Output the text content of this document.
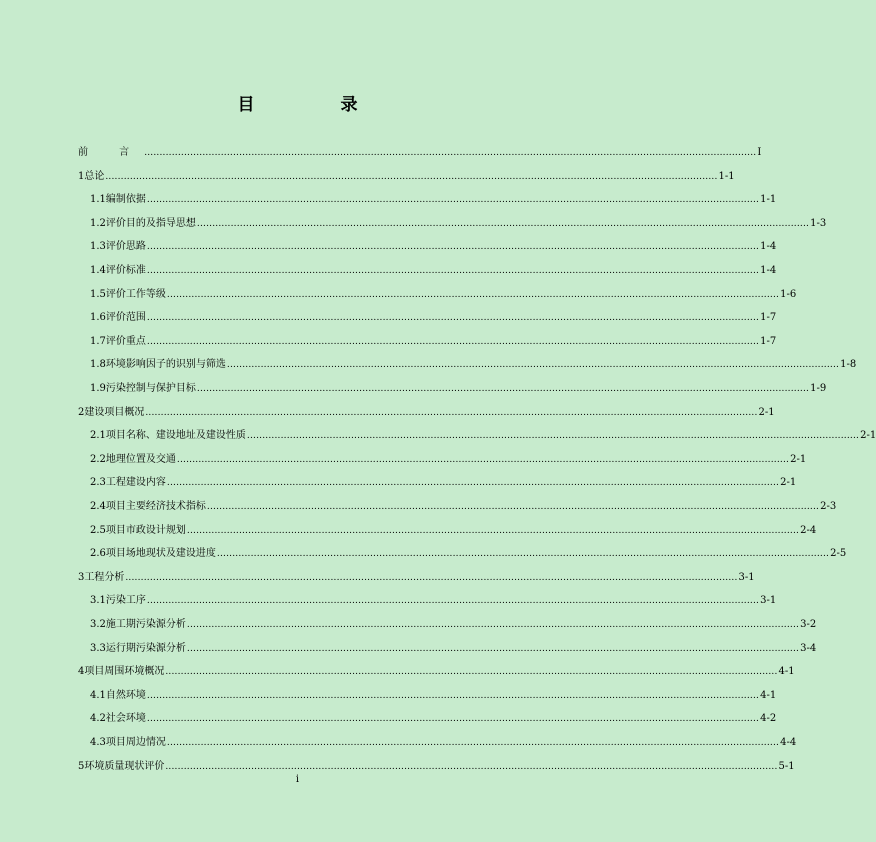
目 录
前 言 ........................................................................................................................................................................................................ I
1 总论 ........................................................................................................................................................................................................ 1-1
1.1 编制依据 ........................................................................................................................................................................................................ 1-1
1.2 评价目的及指导思想 ........................................................................................................................................................................................................ 1-3
1.3 评价思路 ........................................................................................................................................................................................................ 1-4
1.4 评价标准 ........................................................................................................................................................................................................ 1-4
1.5 评价工作等级 ........................................................................................................................................................................................................ 1-6
1.6 评价范围 ........................................................................................................................................................................................................ 1-7
1.7 评价重点 ........................................................................................................................................................................................................ 1-7
1.8 环境影响因子的识别与筛选 ........................................................................................................................................................................................................ 1-8
1.9 污染控制与保护目标 ........................................................................................................................................................................................................ 1-9
2 建设项目概况 ........................................................................................................................................................................................................ 2-1
2.1 项目名称、建设地址及建设性质 ........................................................................................................................................................................................................ 2-1
2.2 地理位置及交通 ........................................................................................................................................................................................................ 2-1
2.3 工程建设内容 ........................................................................................................................................................................................................ 2-1
2.4 项目主要经济技术指标 ........................................................................................................................................................................................................ 2-3
2.5 项目市政设计规划 ........................................................................................................................................................................................................ 2-4
2.6 项目场地现状及建设进度 ........................................................................................................................................................................................................ 2-5
3 工程分析 ........................................................................................................................................................................................................ 3-1
3.1 污染工序 ........................................................................................................................................................................................................ 3-1
3.2 施工期污染源分析 ........................................................................................................................................................................................................ 3-2
3.3 运行期污染源分析 ........................................................................................................................................................................................................ 3-4
4 项目周围环境概况 ........................................................................................................................................................................................................ 4-1
4.1 自然环境 ........................................................................................................................................................................................................ 4-1
4.2 社会环境 ........................................................................................................................................................................................................ 4-2
4.3 项目周边情况 ........................................................................................................................................................................................................ 4-4
5 环境质量现状评价 ........................................................................................................................................................................................................ 5-1
i
